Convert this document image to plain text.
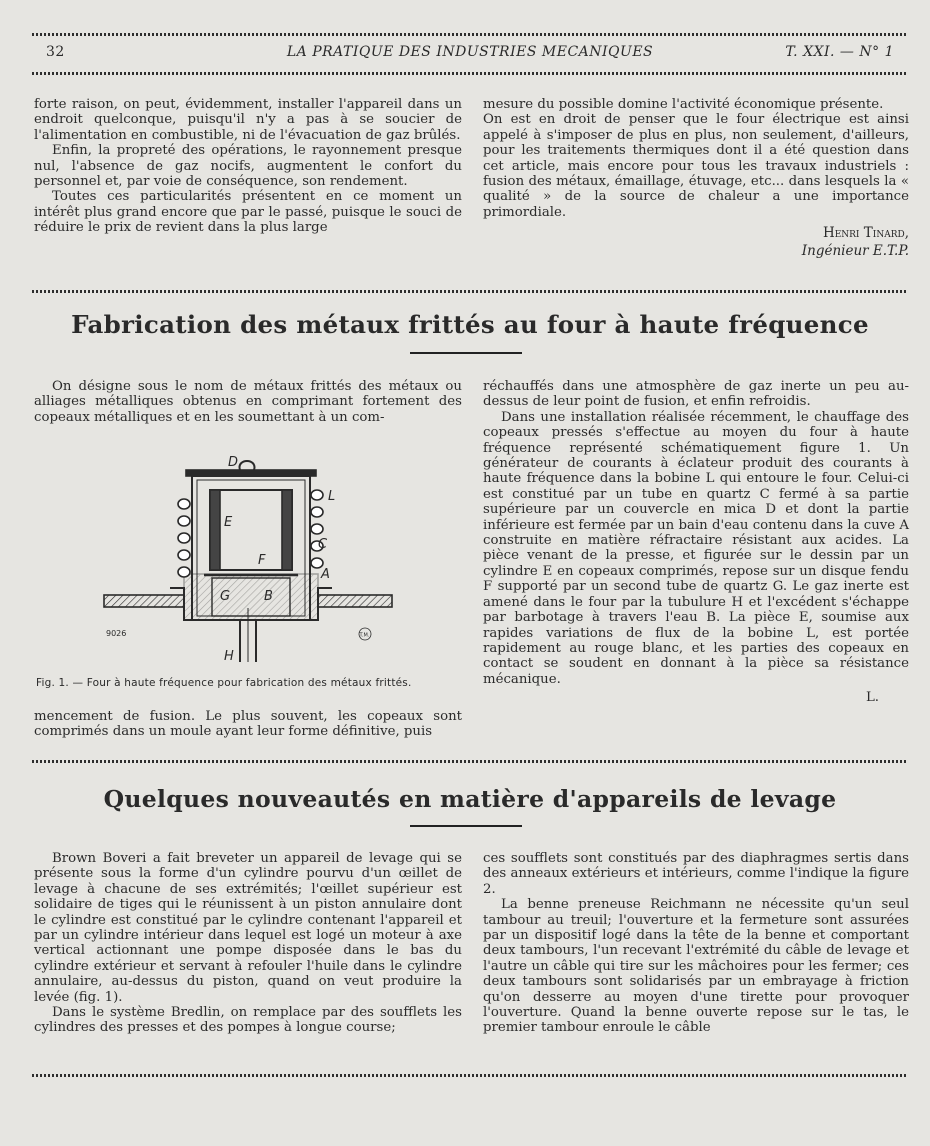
32	LA PRATIQUE DES INDUSTRIES MECANIQUES	T. XXI. — N° 1

forte raison, on peut, évidemment, installer l'appareil dans un endroit quelconque, puisqu'il n'y a pas à se soucier de l'alimentation en combustible, ni de l'évacuation de gaz brûlés.

Enfin, la propreté des opérations, le rayonnement presque nul, l'absence de gaz nocifs, augmentent le confort du personnel et, par voie de conséquence, son rendement.

Toutes ces particularités présentent en ce moment un intérêt plus grand encore que par le passé, puisque le souci de réduire le prix de revient dans la plus large

mesure du possible domine l'activité économique présente.

On est en droit de penser que le four électrique est ainsi appelé à s'imposer de plus en plus, non seulement, d'ailleurs, pour les traitements thermiques dont il a été question dans cet article, mais encore pour tous les travaux industriels : fusion des métaux, émaillage, étuvage, etc... dans lesquels la « qualité » de la source de chaleur a une importance primordiale.

Henri Tinard,
Ingénieur E.T.P.
Fabrication des métaux frittés au four à haute fréquence

On désigne sous le nom de métaux frittés des métaux ou alliages métalliques obtenus en comprimant fortement des copeaux métalliques et en les soumettant à un com-

D
L
E
C
F
A
G	B
H
9026	T.M.
Fig. 1. — Four à haute fréquence pour fabrication des métaux frittés.

mencement de fusion. Le plus souvent, les copeaux sont comprimés dans un moule ayant leur forme définitive, puis

réchauffés dans une atmosphère de gaz inerte un peu au-dessus de leur point de fusion, et enfin refroidis.

Dans une installation réalisée récemment, le chauffage des copeaux pressés s'effectue au moyen du four à haute fréquence représenté schématiquement figure 1. Un générateur de courants à éclateur produit des courants à haute fréquence dans la bobine L qui entoure le four. Celui-ci est constitué par un tube en quartz C fermé à sa partie supérieure par un couvercle en mica D et dont la partie inférieure est fermée par un bain d'eau contenu dans la cuve A construite en matière réfractaire résistant aux acides. La pièce venant de la presse, et figurée sur le dessin par un cylindre E en copeaux comprimés, repose sur un disque fendu F supporté par un second tube de quartz G. Le gaz inerte est amené dans le four par la tubulure H et l'excédent s'échappe par barbotage à travers l'eau B. La pièce E, soumise aux rapides variations de flux de la bobine L, est portée rapidement au rouge blanc, et les parties des copeaux en contact se soudent en donnant à la pièce sa résistance mécanique.

L.
Quelques nouveautés en matière d'appareils de levage

Brown Boveri a fait breveter un appareil de levage qui se présente sous la forme d'un cylindre pourvu d'un œillet de levage à chacune de ses extrémités; l'œillet supérieur est solidaire de tiges qui le réunissent à un piston annulaire dont le cylindre est constitué par le cylindre contenant l'appareil et par un cylindre intérieur dans lequel est logé un moteur à axe vertical actionnant une pompe disposée dans le bas du cylindre extérieur et servant à refouler l'huile dans le cylindre annulaire, au-dessus du piston, quand on veut produire la levée (fig. 1).

Dans le système Bredlin, on remplace par des soufflets les cylindres des presses et des pompes à longue course;

ces soufflets sont constitués par des diaphragmes sertis dans des anneaux extérieurs et intérieurs, comme l'indique la figure 2.

La benne preneuse Reichmann ne nécessite qu'un seul tambour au treuil; l'ouverture et la fermeture sont assurées par un dispositif logé dans la tête de la benne et comportant deux tambours, l'un recevant l'extrémité du câble de levage et l'autre un câble qui tire sur les mâchoires pour les fermer; ces deux tambours sont solidarisés par un embrayage à friction qu'on desserre au moyen d'une tirette pour provoquer l'ouverture. Quand la benne ouverte repose sur le tas, le premier tambour enroule le câble
